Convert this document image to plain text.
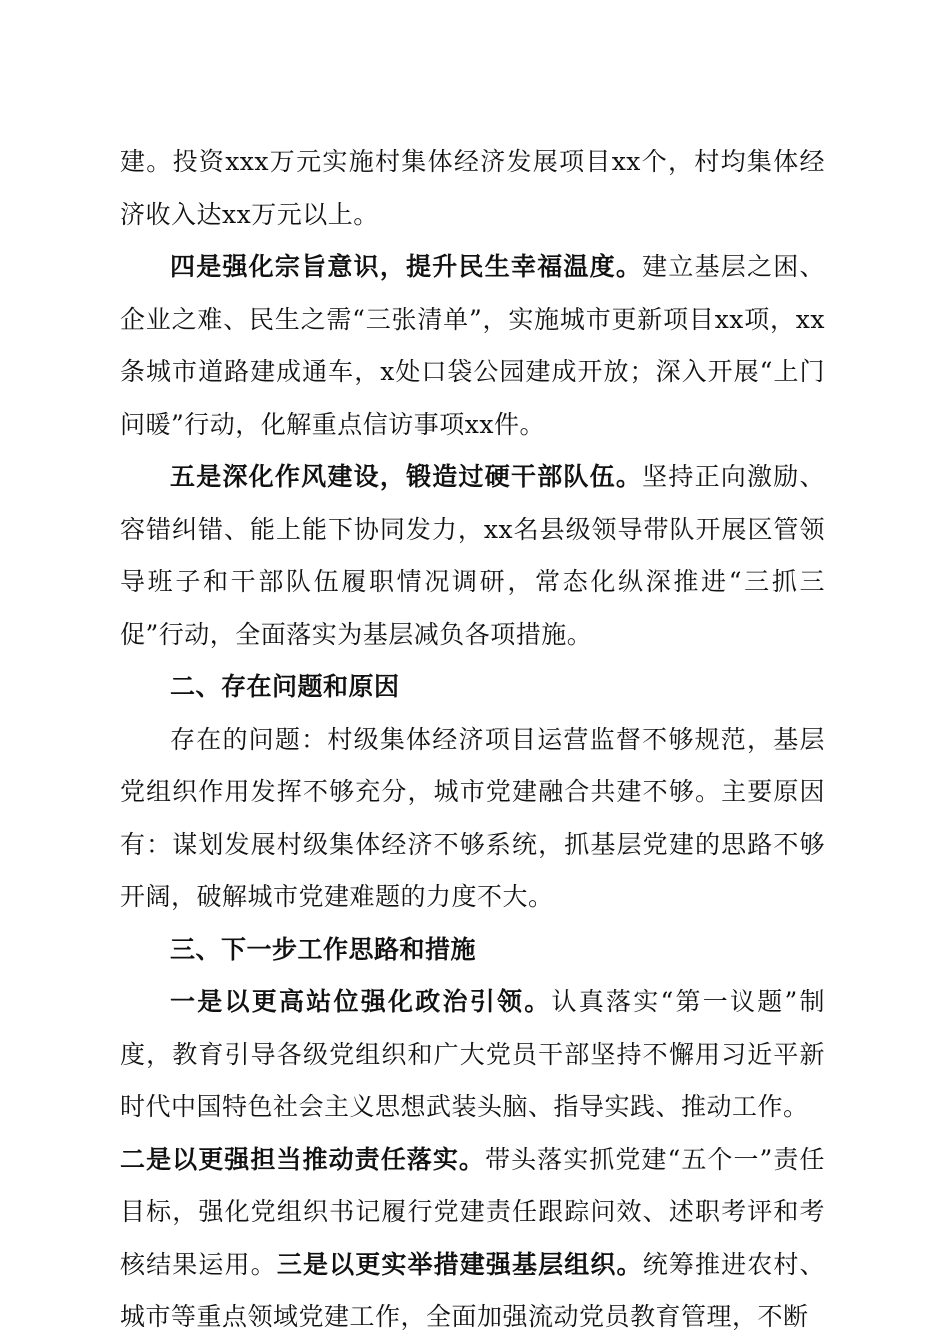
建。投资xxx万元实施村集体经济发展项目xx个，村均集体经济收入达xx万元以上。

四是强化宗旨意识，提升民生幸福温度。建立基层之困、企业之难、民生之需“三张清单”，实施城市更新项目xx项，xx条城市道路建成通车，x处口袋公园建成开放；深入开展“上门问暖”行动，化解重点信访事项xx件。

五是深化作风建设，锻造过硬干部队伍。坚持正向激励、容错纠错、能上能下协同发力，xx名县级领导带队开展区管领导班子和干部队伍履职情况调研，常态化纵深推进“三抓三促”行动，全面落实为基层减负各项措施。

二、存在问题和原因

存在的问题：村级集体经济项目运营监督不够规范，基层党组织作用发挥不够充分，城市党建融合共建不够。主要原因有：谋划发展村级集体经济不够系统，抓基层党建的思路不够开阔，破解城市党建难题的力度不大。

三、下一步工作思路和措施

一是以更高站位强化政治引领。认真落实“第一议题”制度，教育引导各级党组织和广大党员干部坚持不懈用习近平新时代中国特色社会主义思想武装头脑、指导实践、推动工作。

二是以更强担当推动责任落实。带头落实抓党建“五个一”责任目标，强化党组织书记履行党建责任跟踪问效、述职考评和考核结果运用。三是以更实举措建强基层组织。统筹推进农村、城市等重点领域党建工作，全面加强流动党员教育管理，不断
